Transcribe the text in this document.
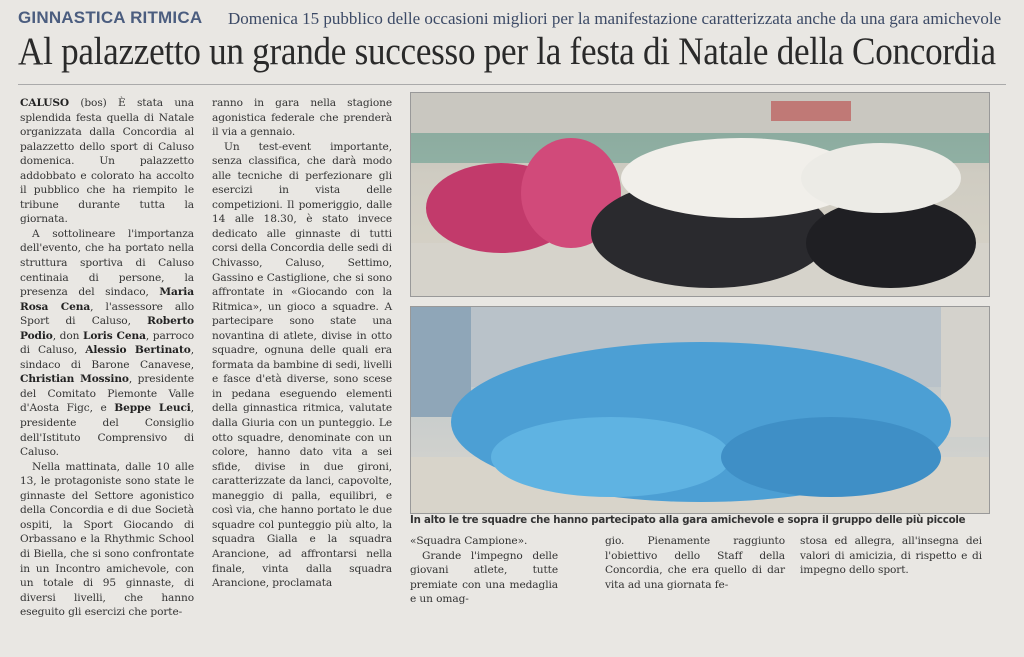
GINNASTICA RITMICA Domenica 15 pubblico delle occasioni migliori per la manifestazione caratterizzata anche da una gara amichevole
Al palazzetto un grande successo per la festa di Natale della Concordia

CALUSO (bos) È stata una splendida festa quella di Natale organizzata dalla Concordia al palazzetto dello sport di Caluso domenica. Un palazzetto addobbato e colorato ha accolto il pubblico che ha riempito le tribune durante tutta la giornata.

A sottolineare l'importanza dell'evento, che ha portato nella struttura sportiva di Caluso centinaia di persone, la presenza del sindaco, Maria Rosa Cena, l'assessore allo Sport di Caluso, Roberto Podio, don Loris Cena, parroco di Caluso, Alessio Bertinato, sindaco di Barone Canavese, Christian Mossino, presidente del Comitato Piemonte Valle d'Aosta Figc, e Beppe Leuci, presidente del Consiglio dell'Istituto Comprensivo di Caluso.

Nella mattinata, dalle 10 alle 13, le protagoniste sono state le ginnaste del Settore agonistico della Concordia e di due Società ospiti, la Sport Giocando di Orbassano e la Rhythmic School di Biella, che si sono confrontate in un Incontro amichevole, con un totale di 95 ginnaste, di diversi livelli, che hanno eseguito gli esercizi che porte-

ranno in gara nella stagione agonistica federale che prenderà il via a gennaio.

Un test-event importante, senza classifica, che darà modo alle tecniche di perfezionare gli esercizi in vista delle competizioni. Il pomeriggio, dalle 14 alle 18.30, è stato invece dedicato alle ginnaste di tutti corsi della Concordia delle sedi di Chivasso, Caluso, Settimo, Gassino e Castiglione, che si sono affrontate in «Giocando con la Ritmica», un gioco a squadre. A partecipare sono state una novantina di atlete, divise in otto squadre, ognuna delle quali era formata da bambine di sedi, livelli e fasce d'età diverse, sono scese in pedana eseguendo elementi della ginnastica ritmica, valutate dalla Giuria con un punteggio. Le otto squadre, denominate con un colore, hanno dato vita a sei sfide, divise in due gironi, caratterizzate da lanci, capovolte, maneggio di palla, equilibri, e così via, che hanno portato le due squadre col punteggio più alto, la squadra Gialla e la squadra Arancione, ad affrontarsi nella finale, vinta dalla squadra Arancione, proclamata

In alto le tre squadre che hanno partecipato alla gara amichevole e sopra il gruppo delle più piccole

«Squadra Campione».

Grande l'impegno delle giovani atlete, tutte premiate con una medaglia e un omag-

gio. Pienamente raggiunto l'obiettivo dello Staff della Concordia, che era quello di dar vita ad una giornata fe-

stosa ed allegra, all'insegna dei valori di amicizia, di rispetto e di impegno dello sport.
